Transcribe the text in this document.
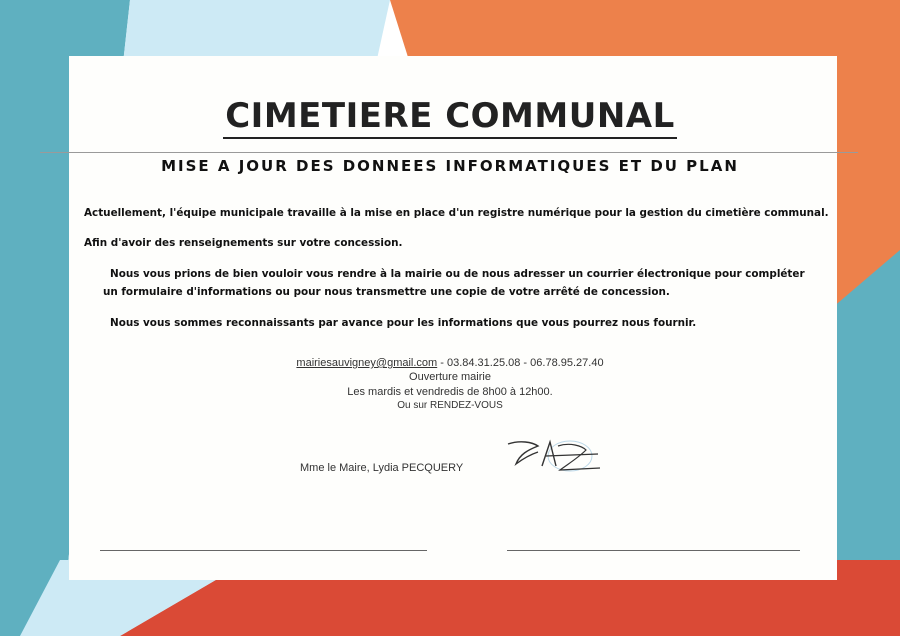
CIMETIERE COMMUNAL
MISE A JOUR DES DONNEES INFORMATIQUES ET DU PLAN
Actuellement, l'équipe municipale travaille à la mise en place d'un registre numérique pour la gestion du cimetière communal.
Afin d'avoir des renseignements sur votre concession.
Nous vous prions de bien vouloir vous rendre à la mairie ou de nous adresser un courrier électronique pour compléter
un formulaire d'informations ou pour nous transmettre une copie de votre arrêté de concession.
Nous vous sommes reconnaissants par avance pour les informations que vous pourrez nous fournir.
mairiesauvigney@gmail.com - 03.84.31.25.08 - 06.78.95.27.40
Ouverture mairie
Les mardis et vendredis de 8h00 à 12h00.
Ou sur RENDEZ-VOUS
Mme le Maire, Lydia PECQUERY
